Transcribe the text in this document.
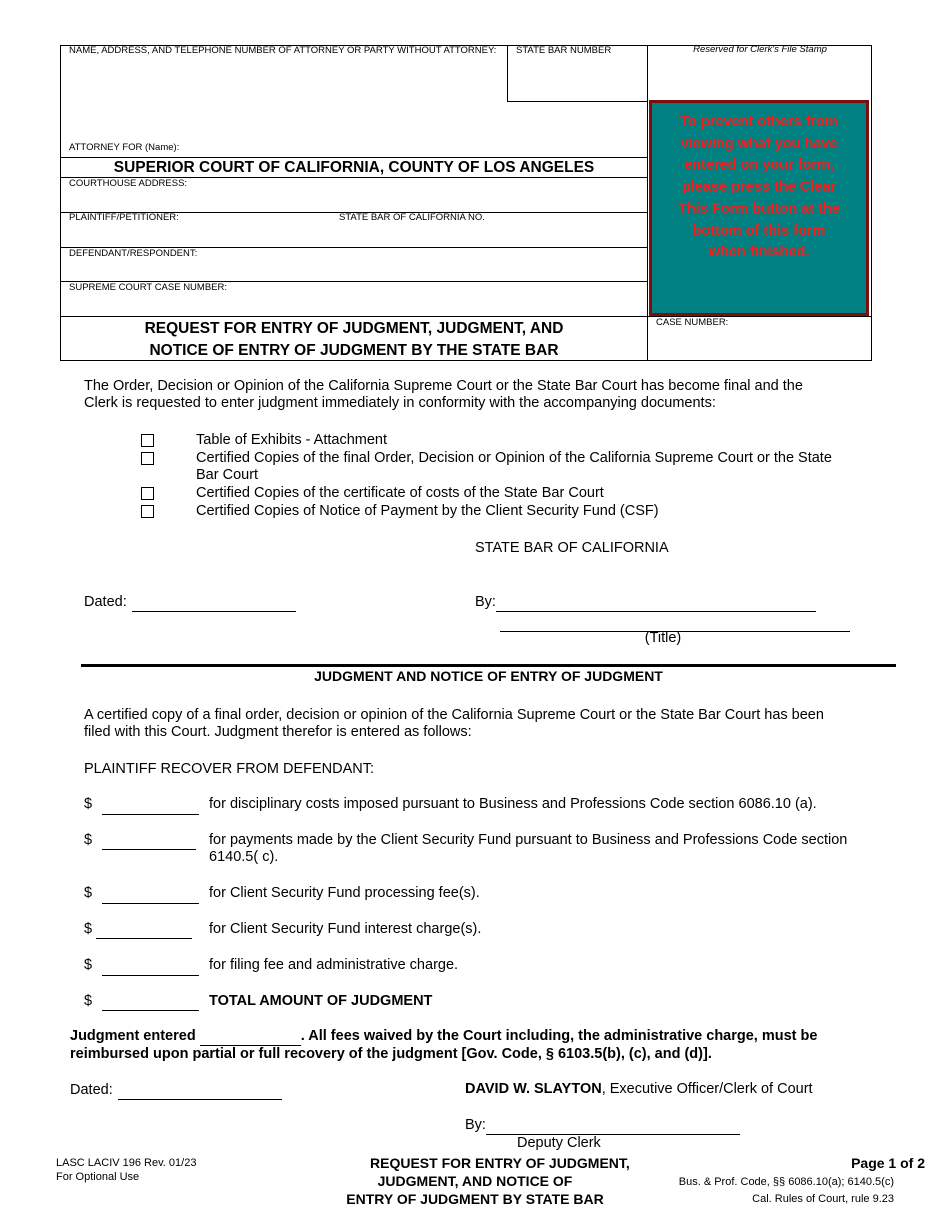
NAME, ADDRESS, AND TELEPHONE NUMBER OF ATTORNEY OR PARTY WITHOUT ATTORNEY: STATE BAR NUMBER	Reserved for Clerk's File Stamp
ATTORNEY FOR (Name):
SUPERIOR COURT OF CALIFORNIA, COUNTY OF LOS ANGELES
COURTHOUSE ADDRESS:
PLAINTIFF/PETITIONER:	STATE BAR OF CALIFORNIA NO.
DEFENDANT/RESPONDENT:
SUPREME COURT CASE NUMBER:
REQUEST FOR ENTRY OF JUDGMENT, JUDGMENT, AND
NOTICE OF ENTRY OF JUDGMENT BY THE STATE BAR
CASE NUMBER:
To prevent others from
viewing what you have
entered on your form,
please press the Clear
This Form button at the
bottom of this form
when finished.
The Order, Decision or Opinion of the California Supreme Court or the State Bar Court has become final and the
Clerk is requested to enter judgment immediately in conformity with the accompanying documents:
Table of Exhibits - Attachment
Certified Copies of the final Order, Decision or Opinion of the California Supreme Court or the State
Bar Court
Certified Copies of the certificate of costs of the State Bar Court
Certified Copies of Notice of Payment by the Client Security Fund (CSF)
STATE BAR OF CALIFORNIA
Dated:	By:
(Title)
JUDGMENT AND NOTICE OF ENTRY OF JUDGMENT
A certified copy of a final order, decision or opinion of the California Supreme Court or the State Bar Court has been
filed with this Court. Judgment therefor is entered as follows:
PLAINTIFF RECOVER FROM DEFENDANT:
$	for disciplinary costs imposed pursuant to Business and Professions Code section 6086.10 (a).
$	for payments made by the Client Security Fund pursuant to Business and Professions Code section
6140.5( c).
$	for Client Security Fund processing fee(s).
$	for Client Security Fund interest charge(s).
$	for filing fee and administrative charge.
$	TOTAL AMOUNT OF JUDGMENT
Judgment entered	. All fees waived by the Court including, the administrative charge, must be
reimbursed upon partial or full recovery of the judgment [Gov. Code, § 6103.5(b), (c), and (d)].
Dated:	DAVID W. SLAYTON, Executive Officer/Clerk of Court
By:
Deputy Clerk
LASC LACIV 196 Rev. 01/23
For Optional Use
REQUEST FOR ENTRY OF JUDGMENT,
JUDGMENT, AND NOTICE OF
ENTRY OF JUDGMENT BY STATE BAR
Page 1 of 2
Bus. & Prof. Code, §§ 6086.10(a); 6140.5(c)
Cal. Rules of Court, rule 9.23
